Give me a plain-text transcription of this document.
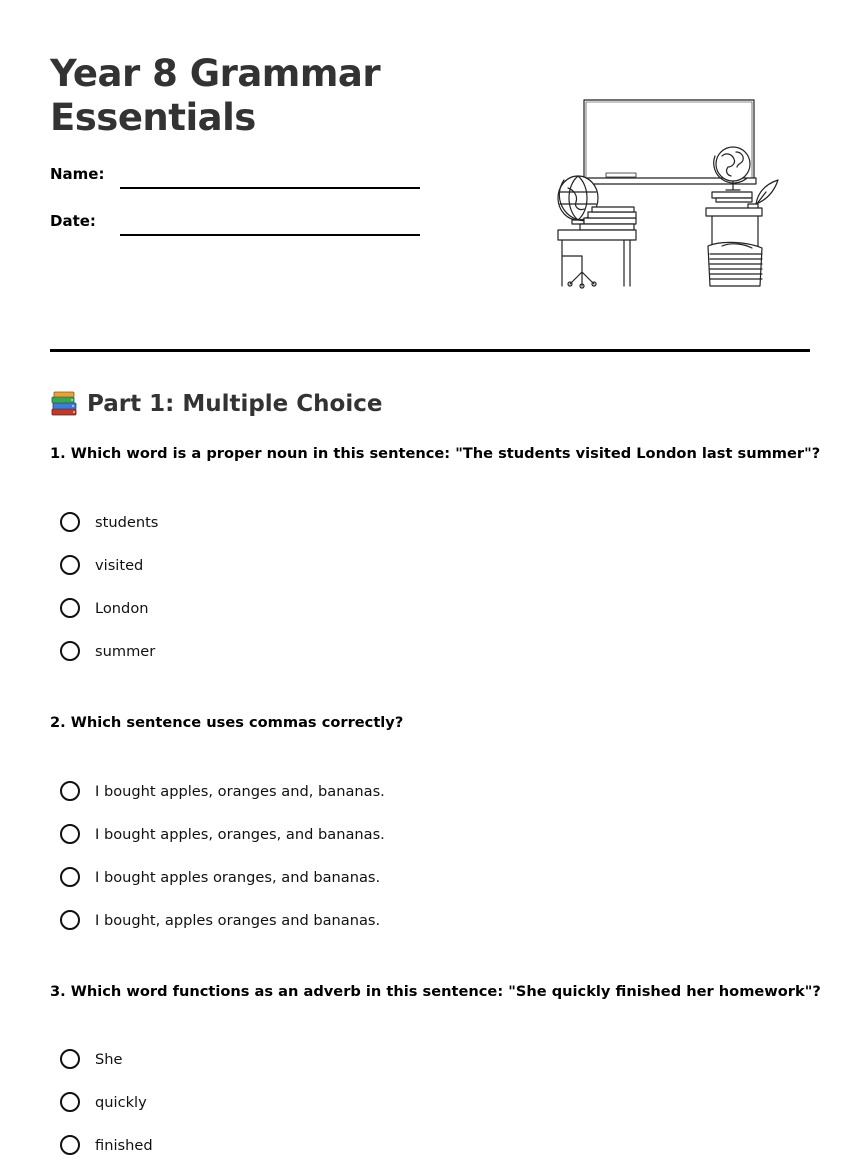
Year 8 Grammar
Essentials
Name:
Date:
Part 1: Multiple Choice

1. Which word is a proper noun in this sentence: "The students visited London last summer"?

students
visited
London
summer

2. Which sentence uses commas correctly?

I bought apples, oranges and, bananas.
I bought apples, oranges, and bananas.
I bought apples oranges, and bananas.
I bought, apples oranges and bananas.

3. Which word functions as an adverb in this sentence: "She quickly finished her homework"?

She
quickly
finished
